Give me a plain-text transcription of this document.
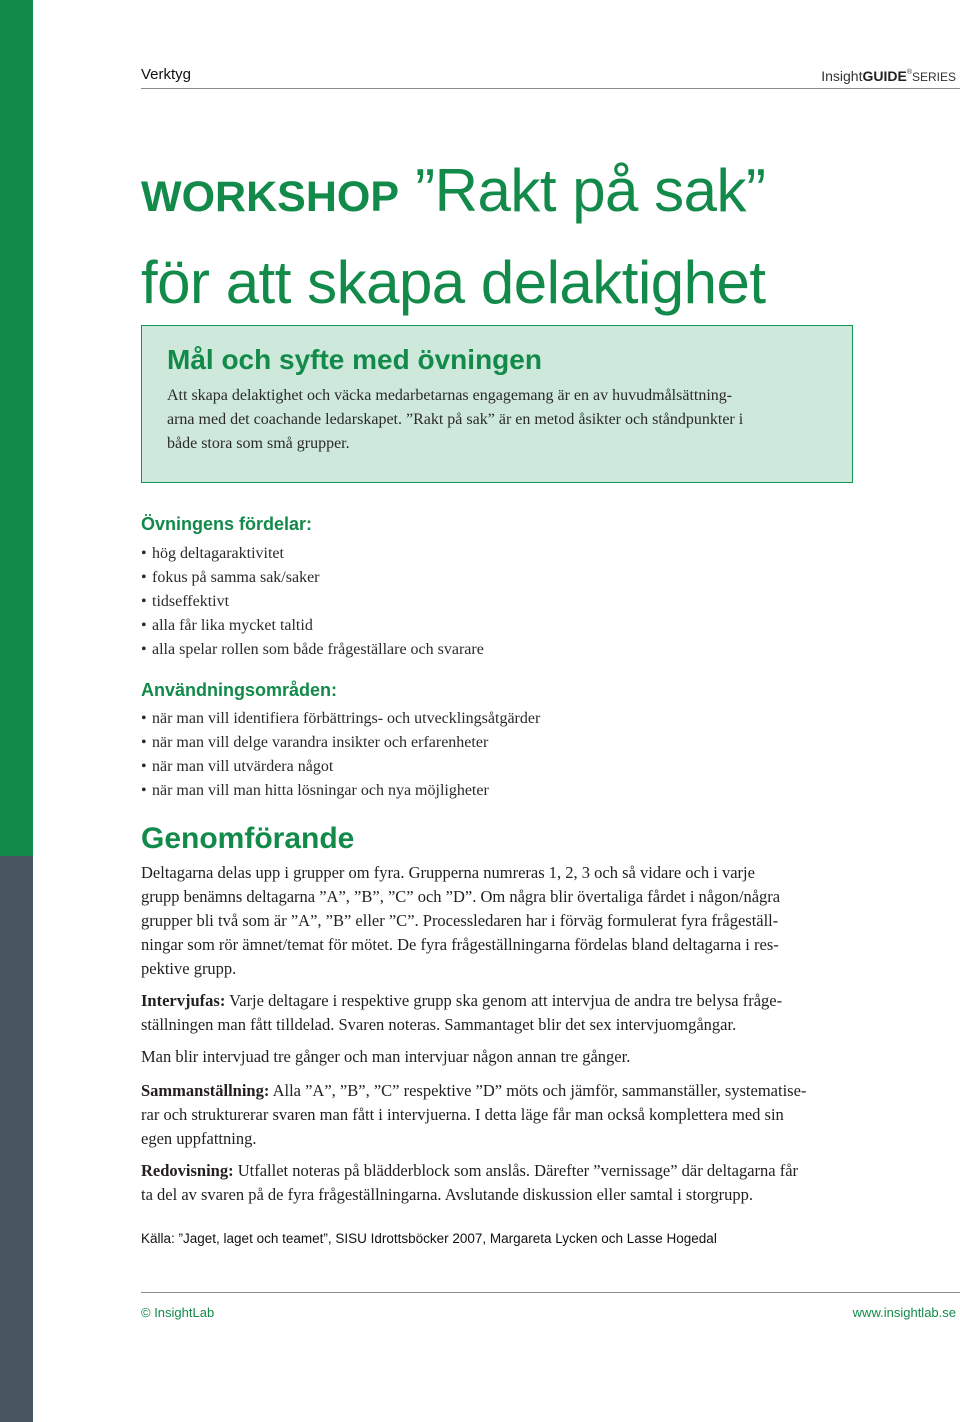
Verktyg	InsightGUIDE®SERIES
WORKSHOP ”Rakt på sak”
för att skapa delaktighet
Mål och syfte med övningen

Att skapa delaktighet och väcka medarbetarnas engagemang är en av huvudmålsättning-
arna med det coachande ledarskapet. ”Rakt på sak” är en metod åsikter och ståndpunkter i
både stora som små grupper.

Övningens fördelar:
• hög deltagaraktivitet
• fokus på samma sak/saker
• tidseffektivt
• alla får lika mycket taltid
• alla spelar rollen som både frågeställare och svarare
Användningsområden:
• när man vill identifiera förbättrings- och utvecklingsåtgärder
• när man vill delge varandra insikter och erfarenheter
• när man vill utvärdera något
• när man vill man hitta lösningar och nya möjligheter
Genomförande

Deltagarna delas upp i grupper om fyra. Grupperna numreras 1, 2, 3 och så vidare och i varje
grupp benämns deltagarna ”A”, ”B”, ”C” och ”D”. Om några blir övertaliga fårdet i någon/några
grupper bli två som är ”A”, ”B” eller ”C”. Processledaren har i förväg formulerat fyra frågeställ-
ningar som rör ämnet/temat för mötet. De fyra frågeställningarna fördelas bland deltagarna i res-
pektive grupp.

Intervjufas: Varje deltagare i respektive grupp ska genom att intervjua de andra tre belysa fråge-
ställningen man fått tilldelad. Svaren noteras. Sammantaget blir det sex intervjuomgångar.

Man blir intervjuad tre gånger och man intervjuar någon annan tre gånger.

Sammanställning: Alla ”A”, ”B”, ”C” respektive ”D” möts och jämför, sammanställer, systematise-
rar och strukturerar svaren man fått i intervjuerna. I detta läge får man också komplettera med sin
egen uppfattning.

Redovisning: Utfallet noteras på blädderblock som anslås. Därefter ”vernissage” där deltagarna får
ta del av svaren på de fyra frågeställningarna. Avslutande diskussion eller samtal i storgrupp.

Källa: ”Jaget, laget och teamet”, SISU Idrottsböcker 2007, Margareta Lycken och Lasse Hogedal

© InsightLab	www.insightlab.se
